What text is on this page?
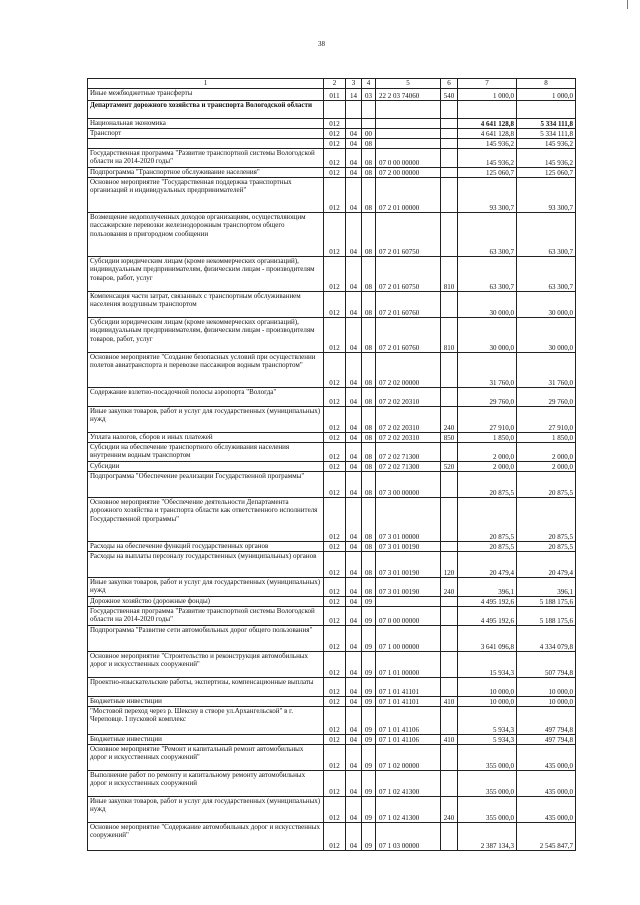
38
1	2	3	4	5	6	7	8
Иные межбюджетные трансферты	011	14	03	22 2 03 74060	540	1 000,0	1 000,0
Департамент дорожного хозяйства и транспорта Вологодской области							
Национальная экономика	012					4 641 128,8	5 334 111,8
Транспорт	012	04	00			4 641 128,8	5 334 111,8
	012	04	08			145 936,2	145 936,2
Государственная программа "Развитие транспортной системы Вологодской области на 2014-2020 годы"	012	04	08	07 0 00 00000		145 936,2	145 936,2
Подпрограмма "Транспортное обслуживание населения"	012	04	08	07 2 00 00000		125 060,7	125 060,7
Основное мероприятие "Государственная поддержка транспортных организаций и индивидуальных предпринимателей"	012	04	08	07 2 01 00000		93 300,7	93 300,7
Возмещение недополученных доходов организациям, осуществляющим пассажирские перевозки железнодорожным транспортом общего пользования в пригородном сообщении	012	04	08	07 2 01 60750		63 300,7	63 300,7
Субсидии юридическим лицам (кроме некоммерческих организаций), индивидуальным предпринимателям, физическим лицам - производителям товаров, работ, услуг	012	04	08	07 2 01 60750	810	63 300,7	63 300,7
Компенсация части затрат, связанных с транспортным обслуживанием населения воздушным транспортом	012	04	08	07 2 01 60760		30 000,0	30 000,0
Субсидии юридическим лицам (кроме некоммерческих организаций), индивидуальным предпринимателям, физическим лицам - производителям товаров, работ, услуг	012	04	08	07 2 01 60760	810	30 000,0	30 000,0
Основное мероприятие "Создание безопасных условий при осуществлении полетов авиатранспорта и перевозке пассажиров водным транспортом"	012	04	08	07 2 02 00000		31 760,0	31 760,0
Содержание взлетно-посадочной полосы аэропорта "Вологда"	012	04	08	07 2 02 20310		29 760,0	29 760,0
Иные закупки товаров, работ и услуг для государственных (муниципальных) нужд	012	04	08	07 2 02 20310	240	27 910,0	27 910,0
Уплата налогов, сборов и иных платежей	012	04	08	07 2 02 20310	850	1 850,0	1 850,0
Субсидии на обеспечение транспортного обслуживания населения внутренним водным транспортом	012	04	08	07 2 02 71300		2 000,0	2 000,0
Субсидии	012	04	08	07 2 02 71300	520	2 000,0	2 000,0
Подпрограмма "Обеспечение реализации Государственной программы"	012	04	08	07 3 00 00000		20 875,5	20 875,5
Основное мероприятие "Обеспечение деятельности Департамента дорожного хозяйства и транспорта области как ответственного исполнителя Государственной программы"	012	04	08	07 3 01 00000		20 875,5	20 875,5
Расходы на обеспечение функций государственных органов	012	04	08	07 3 01 00190		20 875,5	20 875,5
Расходы на выплаты персоналу государственных (муниципальных) органов	012	04	08	07 3 01 00190	120	20 479,4	20 479,4
Иные закупки товаров, работ и услуг для государственных (муниципальных) нужд	012	04	08	07 3 01 00190	240	396,1	396,1
Дорожное хозяйство (дорожные фонды)	012	04	09			4 495 192,6	5 188 175,6
Государственная программа "Развитие транспортной системы Вологодской области на 2014-2020 годы"	012	04	09	07 0 00 00000		4 495 192,6	5 188 175,6
Подпрограмма "Развитие сети автомобильных дорог общего пользования"	012	04	09	07 1 00 00000		3 641 096,8	4 334 079,8
Основное мероприятие "Строительство и реконструкция автомобильных дорог и искусственных сооружений"	012	04	09	07 1 01 00000		15 934,3	507 794,8
Проектно-изыскательские работы, экспертизы, компенсационные выплаты	012	04	09	07 1 01 41101		10 000,0	10 000,0
Бюджетные инвестиции	012	04	09	07 1 01 41101	410	10 000,0	10 000,0
"Мостовой переход через р. Шексну в створе ул.Архангельской" в г. Череповце. I пусковой комплекс	012	04	09	07 1 01 41106		5 934,3	497 794,8
Бюджетные инвестиции	012	04	09	07 1 01 41106	410	5 934,3	497 794,8
Основное мероприятие "Ремонт и капитальный ремонт автомобильных дорог и искусственных сооружений"	012	04	09	07 1 02 00000		355 000,0	435 000,0
Выполнение работ по ремонту и капитальному ремонту автомобильных дорог и искусственных сооружений	012	04	09	07 1 02 41300		355 000,0	435 000,0
Иные закупки товаров, работ и услуг для государственных (муниципальных) нужд	012	04	09	07 1 02 41300	240	355 000,0	435 000,0
Основное мероприятие "Содержание автомобильных дорог и искусственных сооружений"	012	04	09	07 1 03 00000		2 387 134,3	2 545 847,7
